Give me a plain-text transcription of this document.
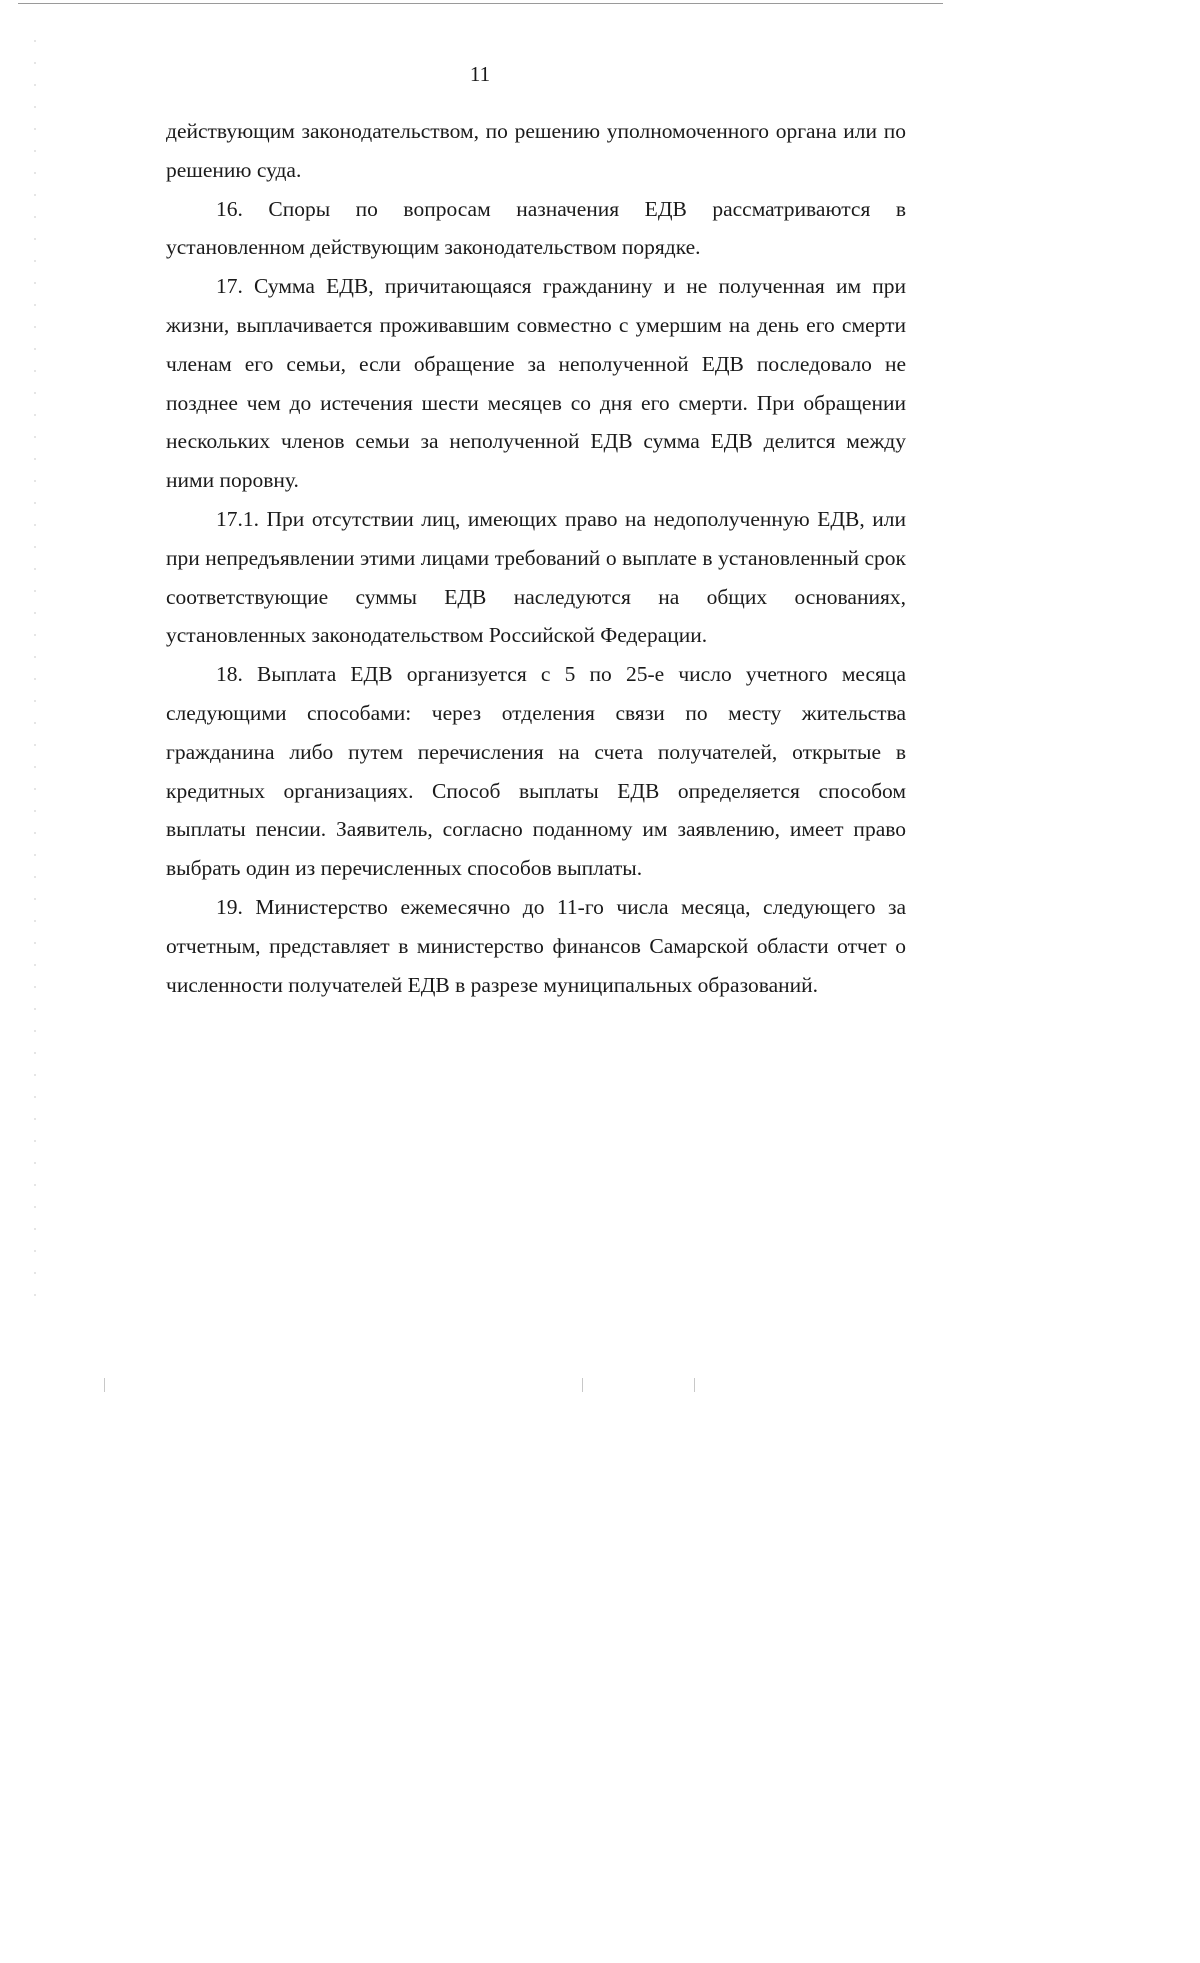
11

действующим законодательством, по решению уполномоченного органа или по решению суда.

16. Споры по вопросам назначения ЕДВ рассматриваются в установленном действующим законодательством порядке.

17. Сумма ЕДВ, причитающаяся гражданину и не полученная им при жизни, выплачивается проживавшим совместно с умершим на день его смерти членам его семьи, если обращение за неполученной ЕДВ последовало не позднее чем до истечения шести месяцев со дня его смерти. При обращении нескольких членов семьи за неполученной ЕДВ сумма ЕДВ делится между ними поровну.

17.1. При отсутствии лиц, имеющих право на недополученную ЕДВ, или при непредъявлении этими лицами требований о выплате в установленный срок соответствующие суммы ЕДВ наследуются на общих основаниях, установленных законодательством Российской Федерации.

18. Выплата ЕДВ организуется с 5 по 25-е число учетного месяца следующими способами: через отделения связи по месту жительства гражданина либо путем перечисления на счета получателей, открытые в кредитных организациях. Способ выплаты ЕДВ определяется способом выплаты пенсии. Заявитель, согласно поданному им заявлению, имеет право выбрать один из перечисленных способов выплаты.

19. Министерство ежемесячно до 11-го числа месяца, следующего за отчетным, представляет в министерство финансов Самарской области отчет о численности получателей ЕДВ в разрезе муниципальных образований.
